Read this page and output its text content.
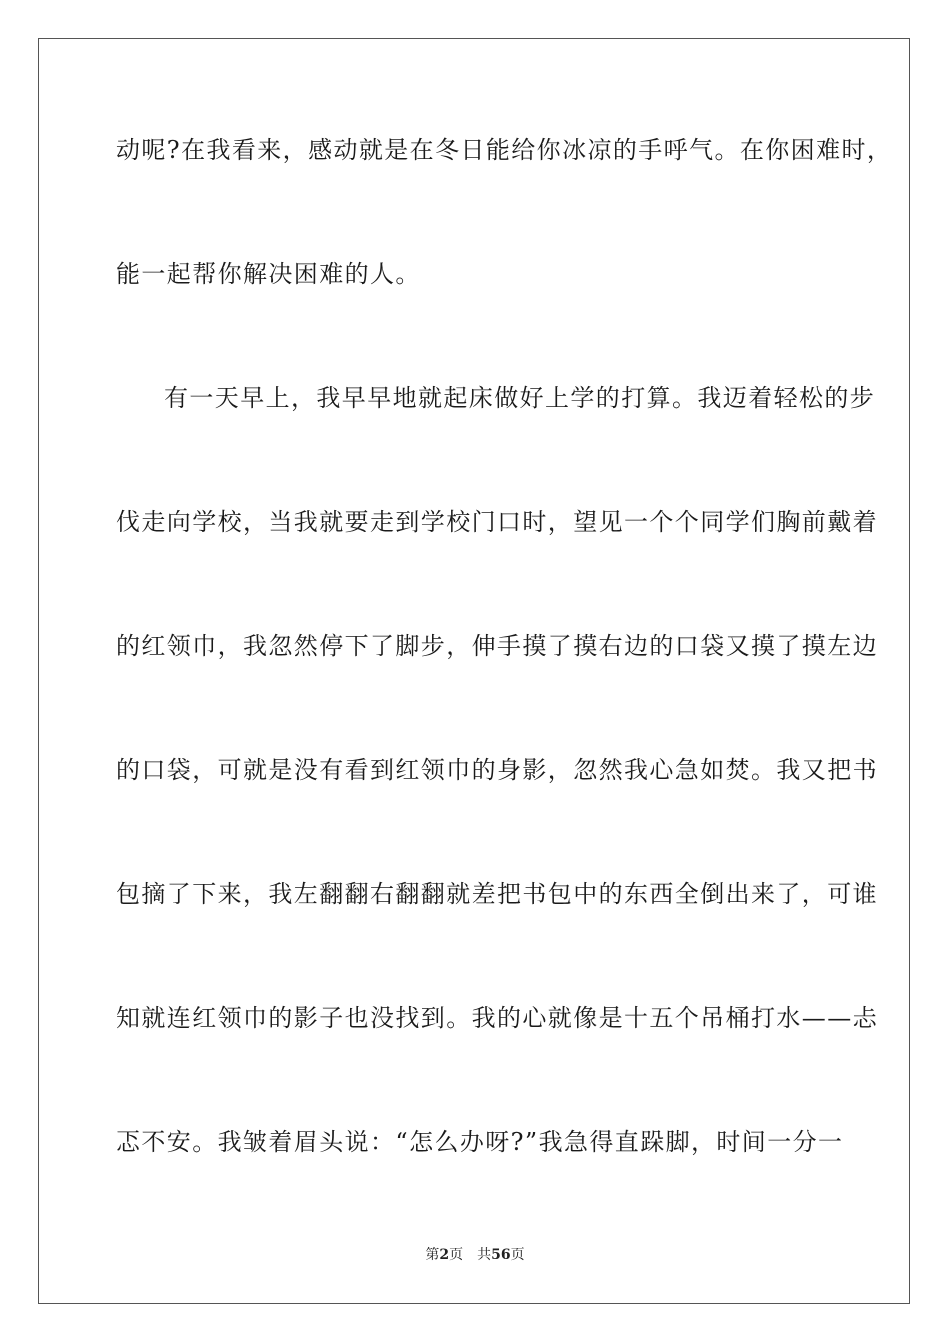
动呢?在我看来，感动就是在冬日能给你冰凉的手呼气。在你困难时，
能一起帮你解决困难的人。
有一天早上，我早早地就起床做好上学的打算。我迈着轻松的步
伐走向学校，当我就要走到学校门口时，望见一个个同学们胸前戴着
的红领巾，我忽然停下了脚步，伸手摸了摸右边的口袋又摸了摸左边
的口袋，可就是没有看到红领巾的身影，忽然我心急如焚。我又把书
包摘了下来，我左翻翻右翻翻就差把书包中的东西全倒出来了，可谁
知就连红领巾的影子也没找到。我的心就像是十五个吊桶打水——忐
忑不安。我皱着眉头说：“怎么办呀?”我急得直跺脚，时间一分一
第2页 共56页
